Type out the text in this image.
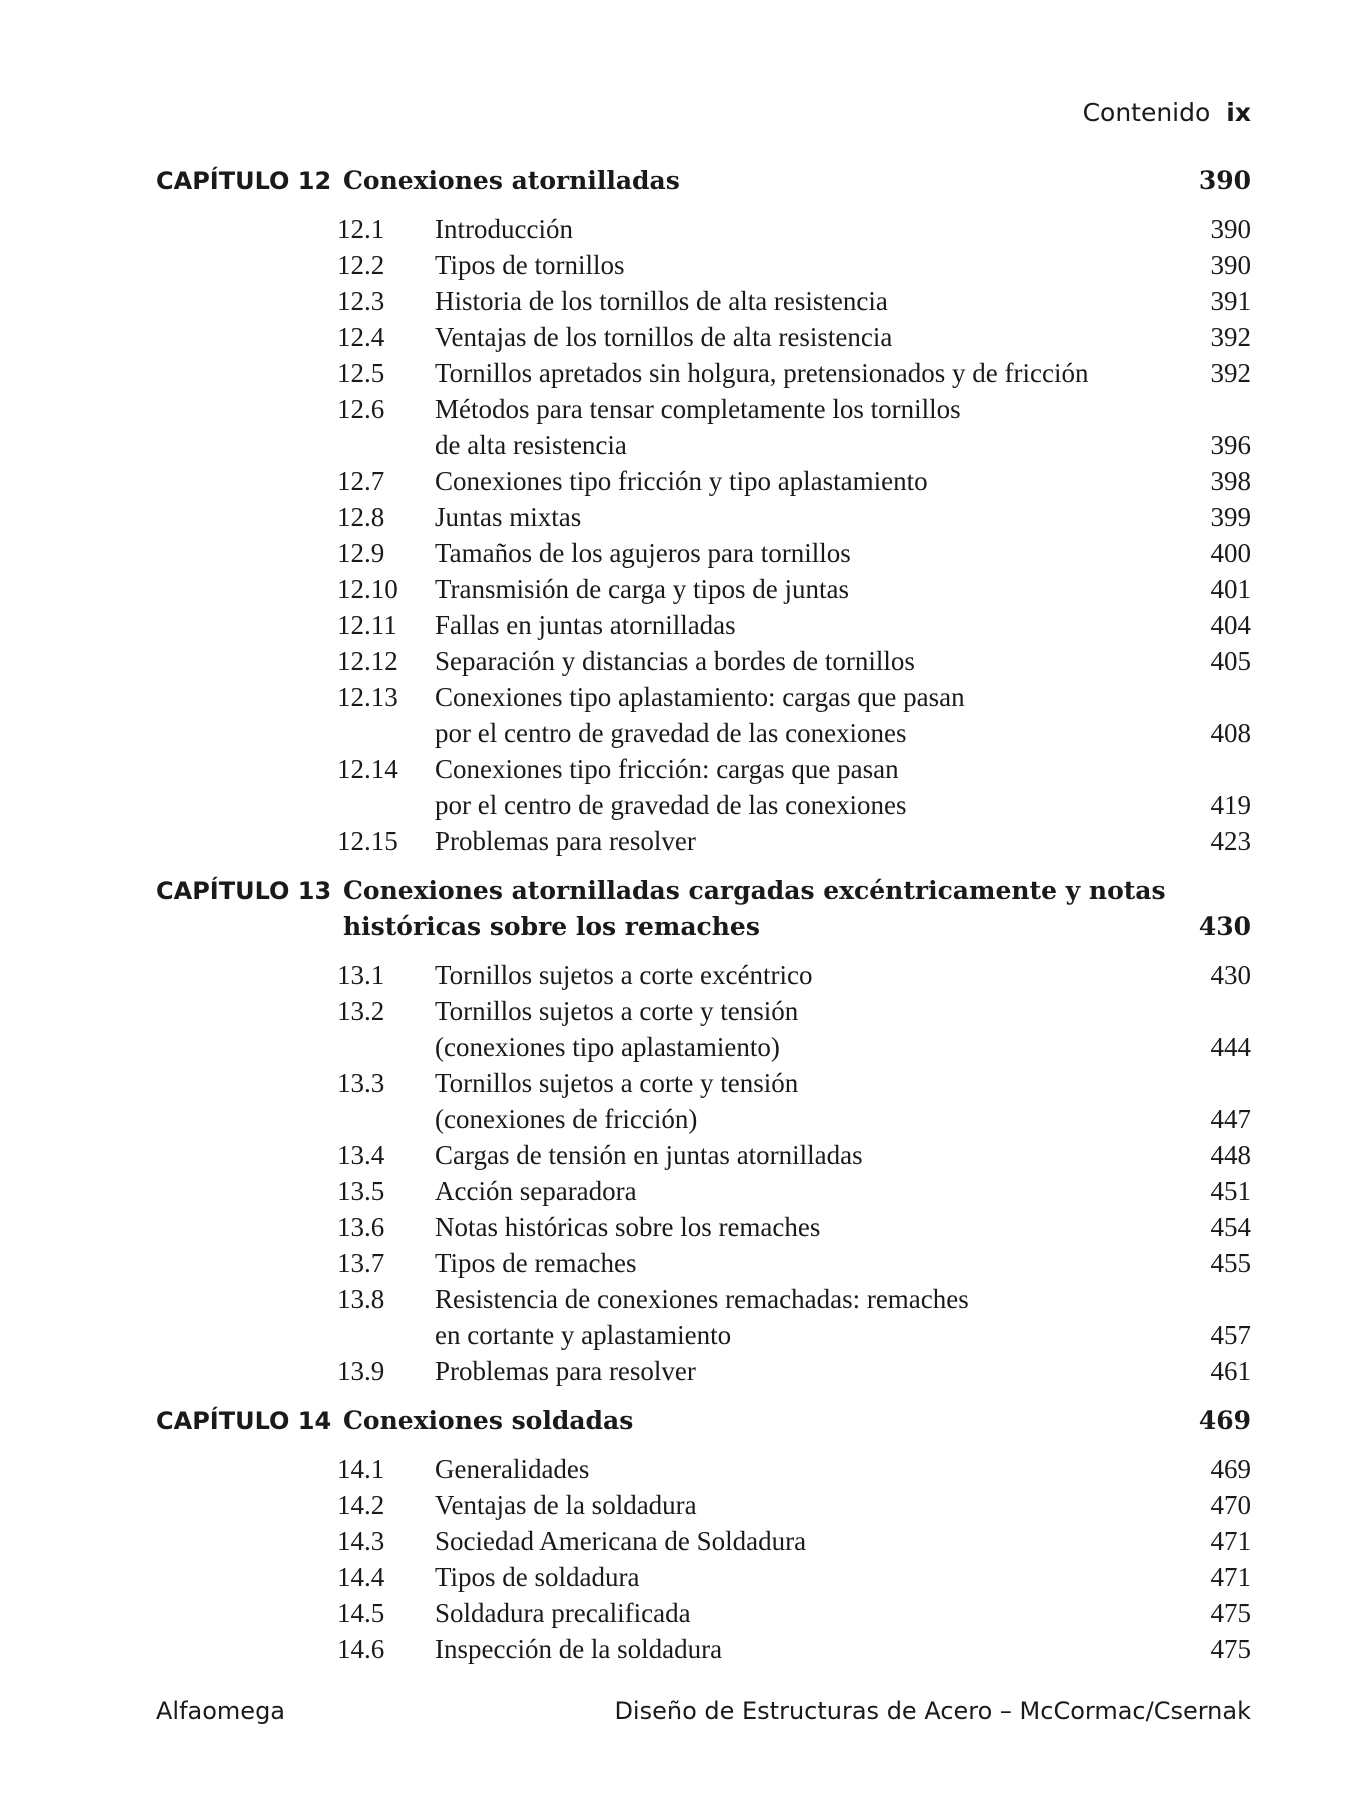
Contenido ix
CAPÍTULO 12 Conexiones atornilladas	390
12.1 Introducción	390
12.2 Tipos de tornillos	390
12.3 Historia de los tornillos de alta resistencia	391
12.4 Ventajas de los tornillos de alta resistencia	392
12.5 Tornillos apretados sin holgura, pretensionados y de fricción	392
12.6 Métodos para tensar completamente los tornillos
de alta resistencia	396
12.7 Conexiones tipo fricción y tipo aplastamiento	398
12.8 Juntas mixtas	399
12.9 Tamaños de los agujeros para tornillos	400
12.10 Transmisión de carga y tipos de juntas	401
12.11 Fallas en juntas atornilladas	404
12.12 Separación y distancias a bordes de tornillos	405
12.13 Conexiones tipo aplastamiento: cargas que pasan
por el centro de gravedad de las conexiones	408
12.14 Conexiones tipo fricción: cargas que pasan
por el centro de gravedad de las conexiones	419
12.15 Problemas para resolver	423
CAPÍTULO 13 Conexiones atornilladas cargadas excéntricamente y notas
históricas sobre los remaches	430
13.1 Tornillos sujetos a corte excéntrico	430
13.2 Tornillos sujetos a corte y tensión
(conexiones tipo aplastamiento)	444
13.3 Tornillos sujetos a corte y tensión
(conexiones de fricción)	447
13.4 Cargas de tensión en juntas atornilladas	448
13.5 Acción separadora	451
13.6 Notas históricas sobre los remaches	454
13.7 Tipos de remaches	455
13.8 Resistencia de conexiones remachadas: remaches
en cortante y aplastamiento	457
13.9 Problemas para resolver	461
CAPÍTULO 14 Conexiones soldadas	469
14.1 Generalidades	469
14.2 Ventajas de la soldadura	470
14.3 Sociedad Americana de Soldadura	471
14.4 Tipos de soldadura	471
14.5 Soldadura precalificada	475
14.6 Inspección de la soldadura	475
Alfaomega	Diseño de Estructuras de Acero – McCormac/Csernak
